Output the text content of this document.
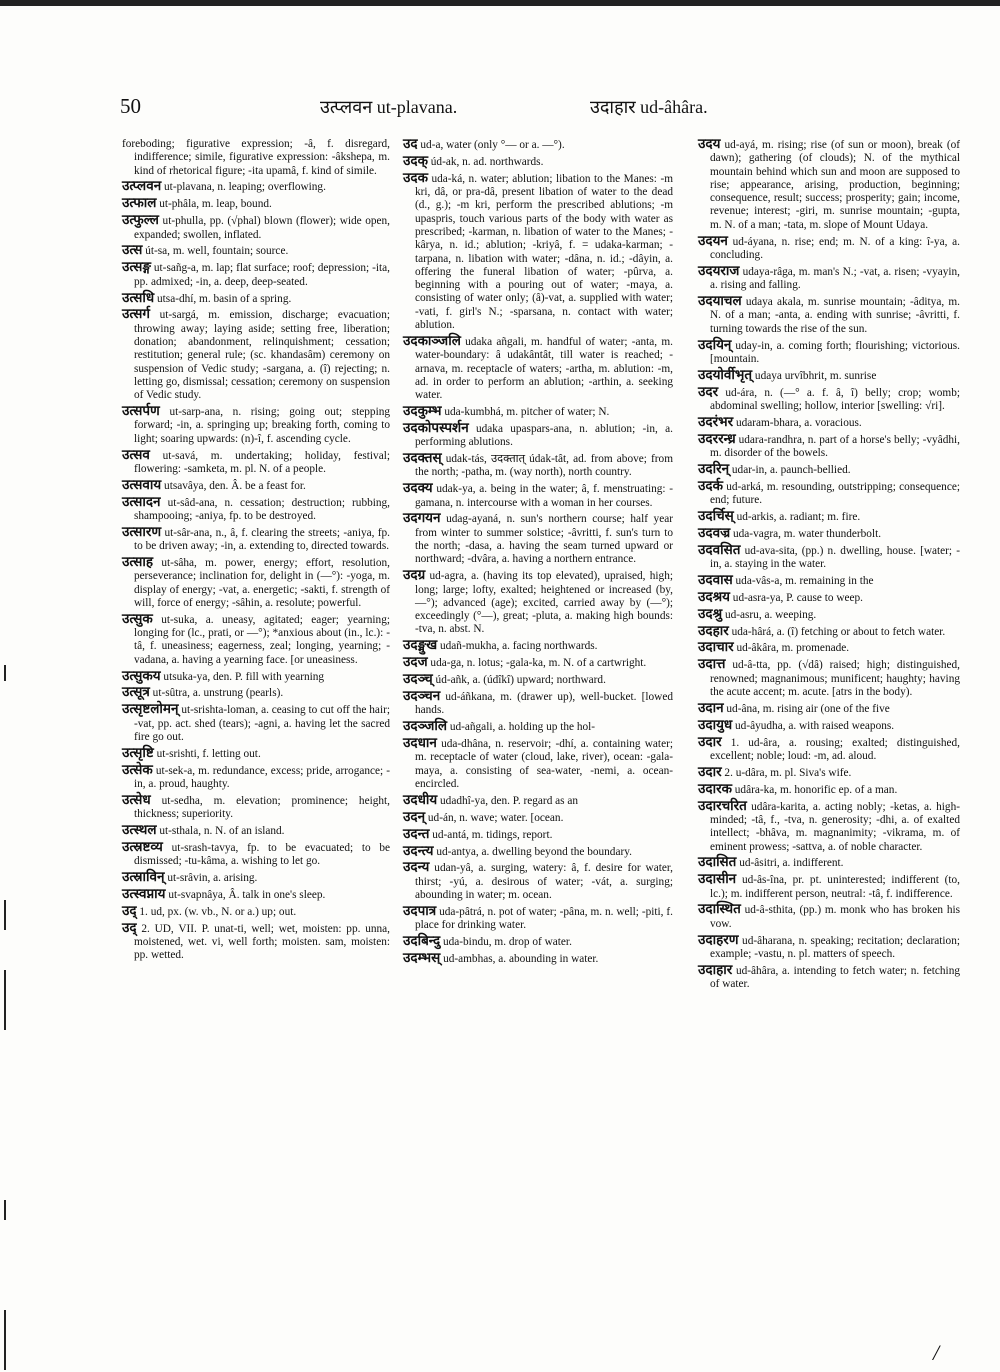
50	उत्प्लवन ut-plavana.	उदाहार ud-âhâra.

foreboding; figurative expression; -â, f. disregard, indifference; simile, figurative expression: -âkshepa, m. kind of rhetorical figure; -ita upamâ, f. kind of simile.

उत्प्लवन ut-plavana, n. leaping; overflowing.

उत्फाल ut-phâla, m. leap, bound.

उत्फुल्ल ut-phulla, pp. (√phal) blown (flower); wide open, expanded; swollen, inflated.

उत्स út-sa, m. well, fountain; source.

उत्सङ्ग ut-sañg-a, m. lap; flat surface; roof; depression; -ita, pp. admixed; -in, a. deep, deep-seated.

उत्सधि utsa-dhí, m. basin of a spring.

उत्सर्ग ut-sargá, m. emission, discharge; evacuation; throwing away; laying aside; setting free, liberation; donation; abandonment, relinquishment; cessation; restitution; general rule; (sc. khandasâm) ceremony on suspension of Vedic study; -sargana, a. (î) rejecting; n. letting go, dismissal; cessation; ceremony on suspension of Vedic study.

उत्सर्पण ut-sarp-ana, n. rising; going out; stepping forward; -in, a. springing up; breaking forth, coming to light; soaring upwards: (n)-î, f. ascending cycle.

उत्सव ut-savá, m. undertaking; holiday, festival; flowering: -samketa, m. pl. N. of a people.

उत्सवाय utsavâya, den. Â. be a feast for.

उत्सादन ut-sâd-ana, n. cessation; destruction; rubbing, shampooing; -aniya, fp. to be destroyed.

उत्सारण ut-sâr-ana, n., â, f. clearing the streets; -aniya, fp. to be driven away; -in, a. extending to, directed towards.

उत्साह ut-sâha, m. power, energy; effort, resolution, perseverance; inclination for, delight in (—°): -yoga, m. display of energy; -vat, a. energetic; -sakti, f. strength of will, force of energy; -sâhin, a. resolute; powerful.

उत्सुक ut-suka, a. uneasy, agitated; eager; yearning; longing for (lc., prati, or —°); *anxious about (in., lc.): -tâ, f. uneasiness; eagerness, zeal; longing, yearning; -vadana, a. having a yearning face. [or uneasiness.

उत्सुकय utsuka-ya, den. P. fill with yearning

उत्सूत्र ut-sûtra, a. unstrung (pearls).

उत्सृष्टलोमन् ut-srishta-loman, a. ceasing to cut off the hair; -vat, pp. act. shed (tears); -agni, a. having let the sacred fire go out.

उत्सृष्टि ut-srishti, f. letting out.

उत्सेक ut-sek-a, m. redundance, excess; pride, arrogance; -in, a. proud, haughty.

उत्सेध ut-sedha, m. elevation; prominence; height, thickness; superiority.

उत्स्थल ut-sthala, n. N. of an island.

उत्स्रष्टव्य ut-srash-tavya, fp. to be evacuated; to be dismissed; -tu-kâma, a. wishing to let go.

उत्स्राविन् ut-srâvin, a. arising.

उत्स्वप्नाय ut-svapnâya, Â. talk in one's sleep.

उद् 1. ud, px. (w. vb., N. or a.) up; out.

उद् 2. UD, VII. P. unat-ti, well; wet, moisten: pp. unna, moistened, wet. vi, well forth; moisten. sam, moisten: pp. wetted.

उद ud-a, water (only °— or a. —°).

उदक् úd-ak, n. ad. northwards.

उदक uda-ká, n. water; ablution; libation to the Manes: -m kri, dâ, or pra-dâ, present libation of water to the dead (d., g.); -m kri, perform the prescribed ablutions; -m upaspris, touch various parts of the body with water as prescribed; -karman, n. libation of water to the Manes; -kârya, n. id.; ablution; -kriyâ, f. = udaka-karman; -tarpana, n. libation with water; -dâna, n. id.; -dâyin, a. offering the funeral libation of water; -pûrva, a. beginning with a pouring out of water; -maya, a. consisting of water only; (â)-vat, a. supplied with water; -vati, f. girl's N.; -sparsana, n. contact with water; ablution.

उदकाञ्जलि udaka añgali, m. handful of water; -anta, m. water-boundary: â udakântât, till water is reached; -arnava, m. receptacle of waters; -artha, m. ablution: -m, ad. in order to perform an ablution; -arthin, a. seeking water.

उदकुम्भ uda-kumbhá, m. pitcher of water; N.

उदकोपस्पर्शन udaka upaspars-ana, n. ablution; -in, a. performing ablutions.

उदक्तस् udak-tás, उदक्तात् údak-tât, ad. from above; from the north; -patha, m. (way north), north country.

उदक्य udak-ya, a. being in the water; â, f. menstruating: -gamana, n. intercourse with a woman in her courses.

उदगयन udag-ayaná, n. sun's northern course; half year from winter to summer solstice; -âvritti, f. sun's turn to the north; -dasa, a. having the seam turned upward or northward; -dvâra, a. having a northern entrance.

उदग्र ud-agra, a. (having its top elevated), upraised, high; long; large; lofty, exalted; heightened or increased (by, —°); advanced (age); excited, carried away by (—°); exceedingly (°—), great; -pluta, a. making high bounds: -tva, n. abst. N.

उदङ्मुख udañ-mukha, a. facing northwards.

उदज uda-ga, n. lotus; -gala-ka, m. N. of a cartwright.

उदञ्च् úd-añk, a. (údîkî) upward; northward.

उदञ्चन ud-áñkana, m. (drawer up), well-bucket. [lowed hands.

उदञ्जलि ud-añgali, a. holding up the hol-

उदधान uda-dhâna, n. reservoir; -dhí, a. containing water; m. receptacle of water (cloud, lake, river), ocean: -gala-maya, a. consisting of sea-water, -nemi, a. ocean-encircled.

उदधीय udadhî-ya, den. P. regard as an

उदन् ud-án, n. wave; water. [ocean.

उदन्त ud-antá, m. tidings, report.

उदन्त्य ud-antya, a. dwelling beyond the boundary.

उदन्य udan-yâ, a. surging, watery: â, f. desire for water, thirst; -yú, a. desirous of water; -vát, a. surging; abounding in water; m. ocean.

उदपात्र uda-pâtrá, n. pot of water; -pâna, m. n. well; -piti, f. place for drinking water.

उदबिन्दु uda-bindu, m. drop of water.

उदम्भस् ud-ambhas, a. abounding in water.

उदय ud-ayá, m. rising; rise (of sun or moon), break (of dawn); gathering (of clouds); N. of the mythical mountain behind which sun and moon are supposed to rise; appearance, arising, production, beginning; consequence, result; success; prosperity; gain; income, revenue; interest; -giri, m. sunrise mountain; -gupta, m. N. of a man; -tata, m. slope of Mount Udaya.

उदयन ud-áyana, n. rise; end; m. N. of a king: î-ya, a. concluding.

उदयराज udaya-râga, m. man's N.; -vat, a. risen; -vyayin, a. rising and falling.

उदयाचल udaya akala, m. sunrise mountain; -âditya, m. N. of a man; -anta, a. ending with sunrise; -âvritti, f. turning towards the rise of the sun.

उदयिन् uday-in, a. coming forth; flourishing; victorious. [mountain.

उदयोर्वीभृत् udaya urvîbhrit, m. sunrise

उदर ud-ára, n. (—° a. f. â, î) belly; crop; womb; abdominal swelling; hollow, interior [swelling: √ri].

उदरंभर udaram-bhara, a. voracious.

उदररन्ध्र udara-randhra, n. part of a horse's belly; -vyâdhi, m. disorder of the bowels.

उदरिन् udar-in, a. paunch-bellied.

उदर्क ud-arká, m. resounding, outstripping; consequence; end; future.

उदर्चिस् ud-arkis, a. radiant; m. fire.

उदवज्र uda-vagra, m. water thunderbolt.

उदवसित ud-ava-sita, (pp.) n. dwelling, house. [water; -in, a. staying in the water.

उदवास uda-vâs-a, m. remaining in the

उदश्रय ud-asra-ya, P. cause to weep.

उदश्रु ud-asru, a. weeping.

उदहार uda-hârá, a. (î) fetching or about to fetch water.

उदाचार ud-âkâra, m. promenade.

उदात्त ud-â-tta, pp. (√dâ) raised; high; distinguished, renowned; magnanimous; munificent; haughty; having the acute accent; m. acute. [atrs in the body).

उदान ud-âna, m. rising air (one of the five

उदायुध ud-âyudha, a. with raised weapons.

उदार 1. ud-âra, a. rousing; exalted; distinguished, excellent; noble; loud: -m, ad. aloud.

उदार 2. u-dâra, m. pl. Siva's wife.

उदारक udâra-ka, m. honorific ep. of a man.

उदारचरित udâra-karita, a. acting nobly; -ketas, a. high-minded; -tâ, f., -tva, n. generosity; -dhi, a. of exalted intellect; -bhâva, m. magnanimity; -vikrama, m. of eminent prowess; -sattva, a. of noble character.

उदासित ud-âsitri, a. indifferent.

उदासीन ud-âs-îna, pr. pt. uninterested; indifferent (to, lc.); m. indifferent person, neutral: -tâ, f. indifference.

उदास्थित ud-â-sthita, (pp.) m. monk who has broken his vow.

उदाहरण ud-âharana, n. speaking; recitation; declaration; example; -vastu, n. pl. matters of speech.

उदाहार ud-âhâra, a. intending to fetch water; n. fetching of water.

/
